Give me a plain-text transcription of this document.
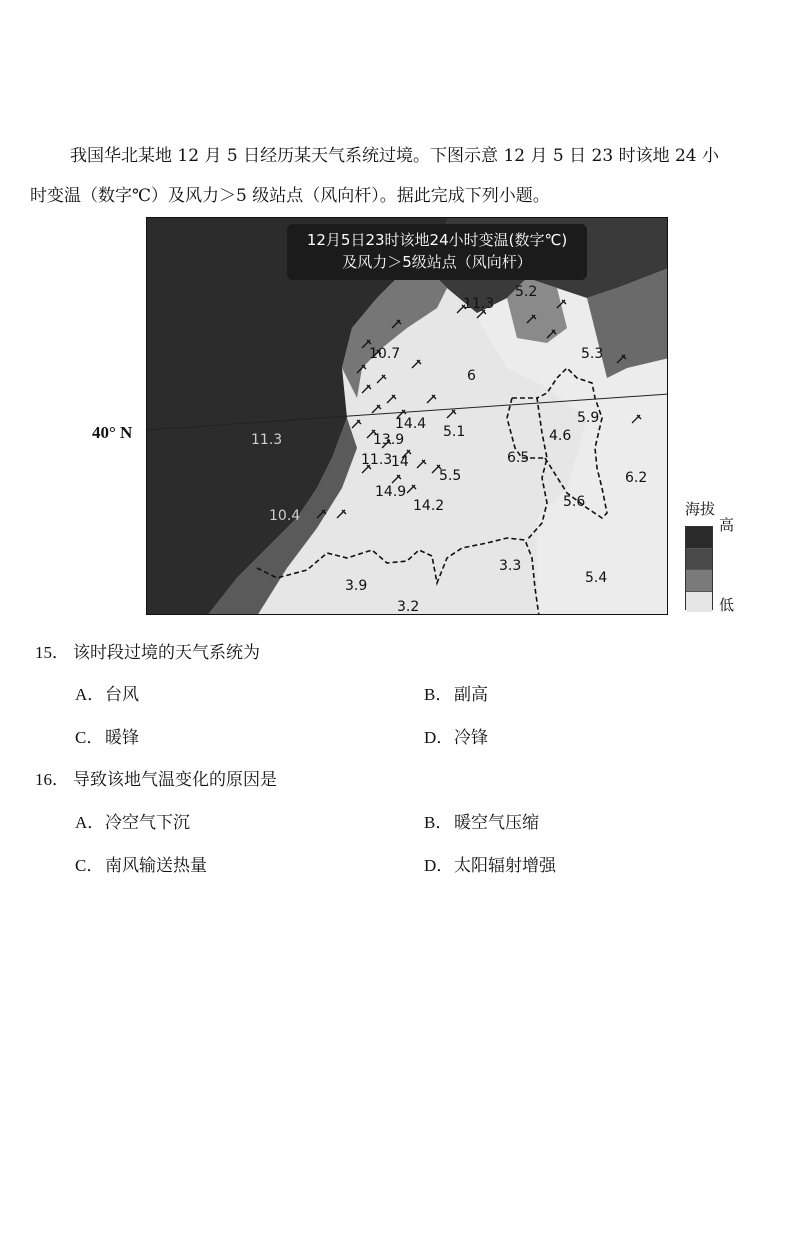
我国华北某地 12 月 5 日经历某天气系统过境。下图示意 12 月 5 日 23 时该地 24 小
时变温（数字℃）及风力＞5 级站点（风向杆）。据此完成下列小题。
40° N
12月5日23时该地24小时变温(数字℃)
及风力＞5级站点（风向杆）
11.3
5.2
10.7	5.3
6
5.9
14.4 5.1	4.6
11.3	13.9
11.3
14	6.5
5.5	6.2
14.9
14.2	5.6
10.4
3.3
5.4
3.9
3.2
海拔
高
低
15． 该时段过境的天气系统为
A．台风	B．副高
C．暖锋	D．冷锋
16． 导致该地气温变化的原因是
A．冷空气下沉	B．暖空气压缩
C．南风输送热量	D．太阳辐射增强
